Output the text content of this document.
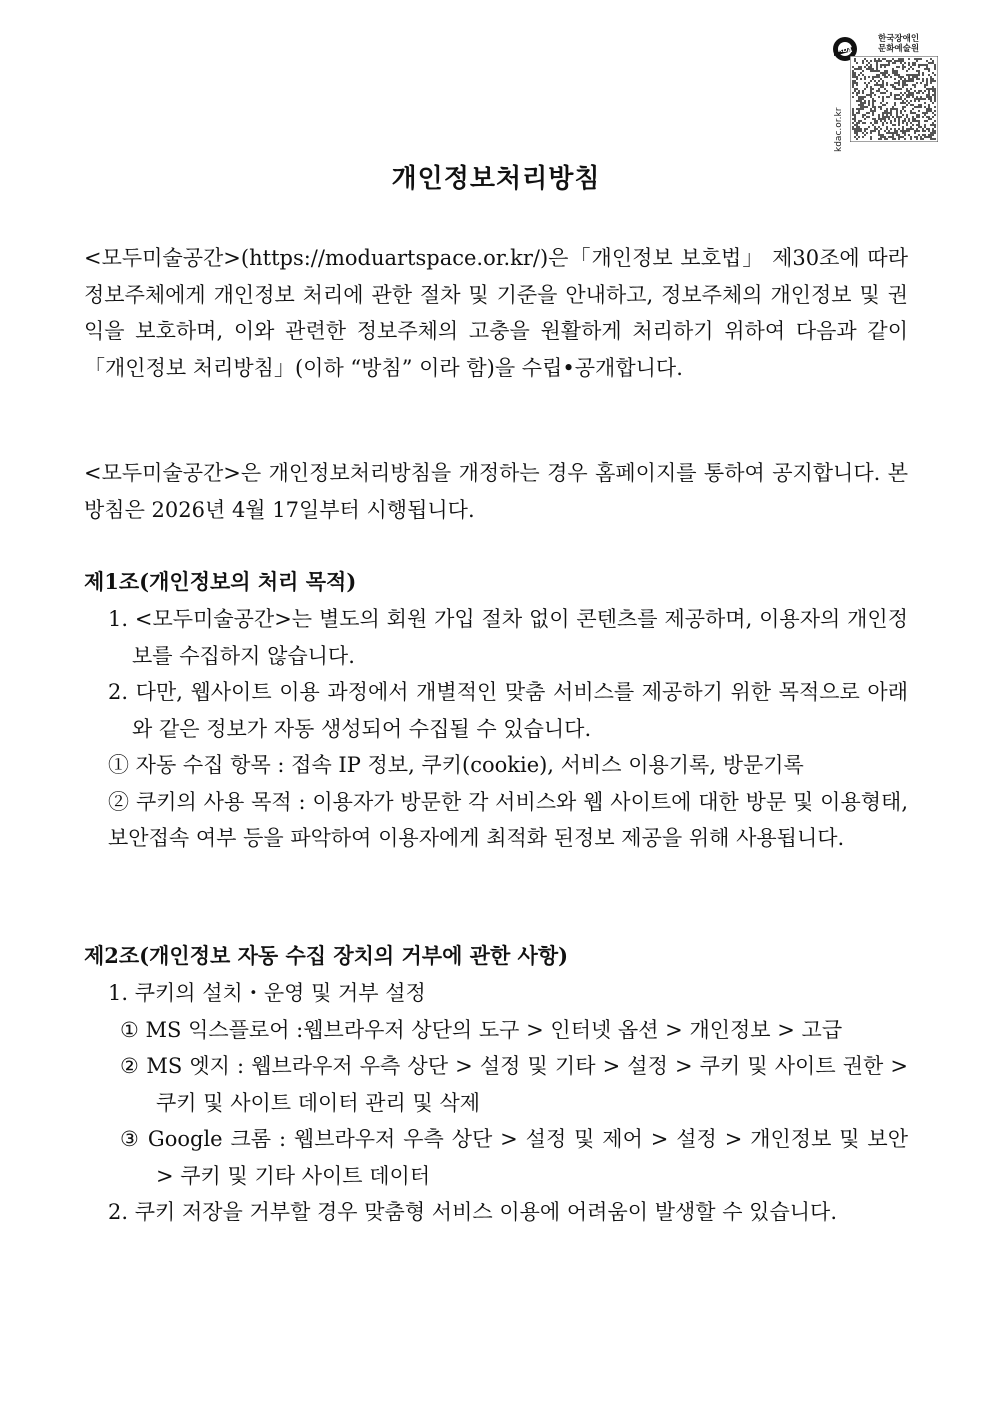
KDA
한국장애인
문화예술원
kdac.or.kr
개인정보처리방침

<모두미술공간>(https://moduartspace.or.kr/)은「개인정보 보호법」 제30조에 따라 정보주체에게 개인정보 처리에 관한 절차 및 기준을 안내하고, 정보주체의 개인정보 및 권익을 보호하며, 이와 관련한 정보주체의 고충을 원활하게 처리하기 위하여 다음과 같이 「개인정보 처리방침」(이하 “방침” 이라 함)을 수립•공개합니다.

<모두미술공간>은 개인정보처리방침을 개정하는 경우 홈페이지를 통하여 공지합니다. 본 방침은 2026년 4월 17일부터 시행됩니다.

제1조(개인정보의 처리 목적)

1. <모두미술공간>는 별도의 회원 가입 절차 없이 콘텐츠를 제공하며, 이용자의 개인정보를 수집하지 않습니다.

2. 다만, 웹사이트 이용 과정에서 개별적인 맞춤 서비스를 제공하기 위한 목적으로 아래와 같은 정보가 자동 생성되어 수집될 수 있습니다.

① 자동 수집 항목 : 접속 IP 정보, 쿠키(cookie), 서비스 이용기록, 방문기록

② 쿠키의 사용 목적 : 이용자가 방문한 각 서비스와 웹 사이트에 대한 방문 및 이용형태, 보안접속 여부 등을 파악하여 이용자에게 최적화 된정보 제공을 위해 사용됩니다.

제2조(개인정보 자동 수집 장치의 거부에 관한 사항)

1. 쿠키의 설치・운영 및 거부 설정

① MS 익스플로어 :웹브라우저 상단의 도구 > 인터넷 옵션 > 개인정보 > 고급

② MS 엣지 : 웹브라우저 우측 상단 > 설정 및 기타 > 설정 > 쿠키 및 사이트 권한 > 쿠키 및 사이트 데이터 관리 및 삭제

③ Google 크롬 : 웹브라우저 우측 상단 > 설정 및 제어 > 설정 > 개인정보 및 보안 > 쿠키 및 기타 사이트 데이터

2. 쿠키 저장을 거부할 경우 맞춤형 서비스 이용에 어려움이 발생할 수 있습니다.
